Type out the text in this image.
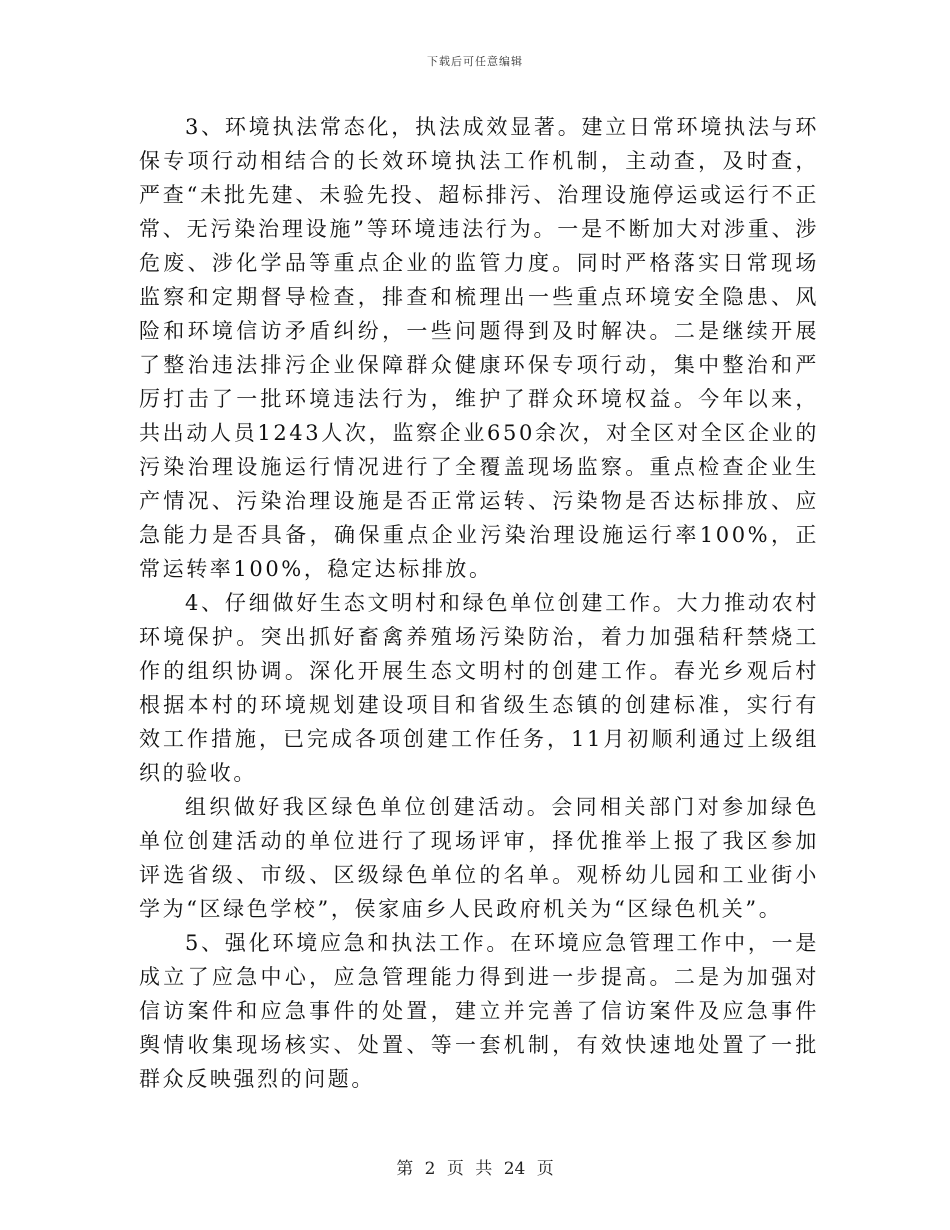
下载后可任意编辑

3、环境执法常态化，执法成效显著。建立日常环境执法与环保专项行动相结合的长效环境执法工作机制，主动查，及时查，严查“未批先建、未验先投、超标排污、治理设施停运或运行不正常、无污染治理设施”等环境违法行为。一是不断加大对涉重、涉危废、涉化学品等重点企业的监管力度。同时严格落实日常现场监察和定期督导检查，排查和梳理出一些重点环境安全隐患、风险和环境信访矛盾纠纷，一些问题得到及时解决。二是继续开展了整治违法排污企业保障群众健康环保专项行动，集中整治和严厉打击了一批环境违法行为，维护了群众环境权益。今年以来，共出动人员1243人次，监察企业650余次，对全区对全区企业的污染治理设施运行情况进行了全覆盖现场监察。重点检查企业生产情况、污染治理设施是否正常运转、污染物是否达标排放、应急能力是否具备，确保重点企业污染治理设施运行率100%，正常运转率100%，稳定达标排放。

4、仔细做好生态文明村和绿色单位创建工作。大力推动农村环境保护。突出抓好畜禽养殖场污染防治，着力加强秸秆禁烧工作的组织协调。深化开展生态文明村的创建工作。春光乡观后村根据本村的环境规划建设项目和省级生态镇的创建标准，实行有效工作措施，已完成各项创建工作任务，11月初顺利通过上级组织的验收。

组织做好我区绿色单位创建活动。会同相关部门对参加绿色单位创建活动的单位进行了现场评审，择优推举上报了我区参加评选省级、市级、区级绿色单位的名单。观桥幼儿园和工业街小学为“区绿色学校”，侯家庙乡人民政府机关为“区绿色机关”。

5、强化环境应急和执法工作。在环境应急管理工作中，一是成立了应急中心，应急管理能力得到进一步提高。二是为加强对信访案件和应急事件的处置，建立并完善了信访案件及应急事件舆情收集现场核实、处置、等一套机制，有效快速地处置了一批群众反映强烈的问题。

第 2 页 共 24 页
